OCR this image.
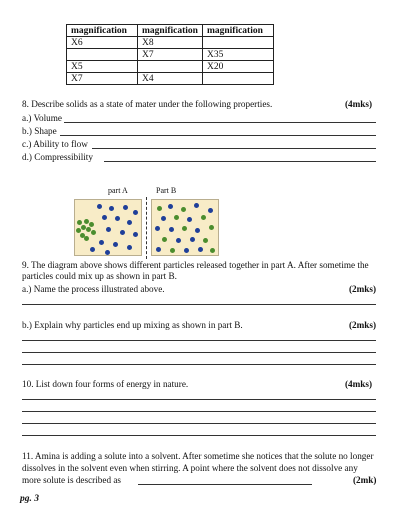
magnification	magnification	magnification
X6	X8	
	X7	X35
X5		X20
X7	X4	
8. Describe solids as a state of mater under the following properties.	(4mks)
a.) Volume
b.) Shape
c.) Ability to flow
d.) Compressibility
part A	Part B
9. The diagram above shows different particles released together in part A. After sometime the
particles could mix up as shown in part B.
a.) Name the process illustrated above.	(2mks)
b.) Explain why particles end up mixing as shown in part B.	(2mks)
10. List down four forms of energy in nature.	(4mks)
11. Amina is adding a solute into a solvent. After sometime she notices that the solute no longer
dissolves in the solvent even when stirring. A point where the solvent does not dissolve any
more solute is described as	(2mk)
pg. 3
